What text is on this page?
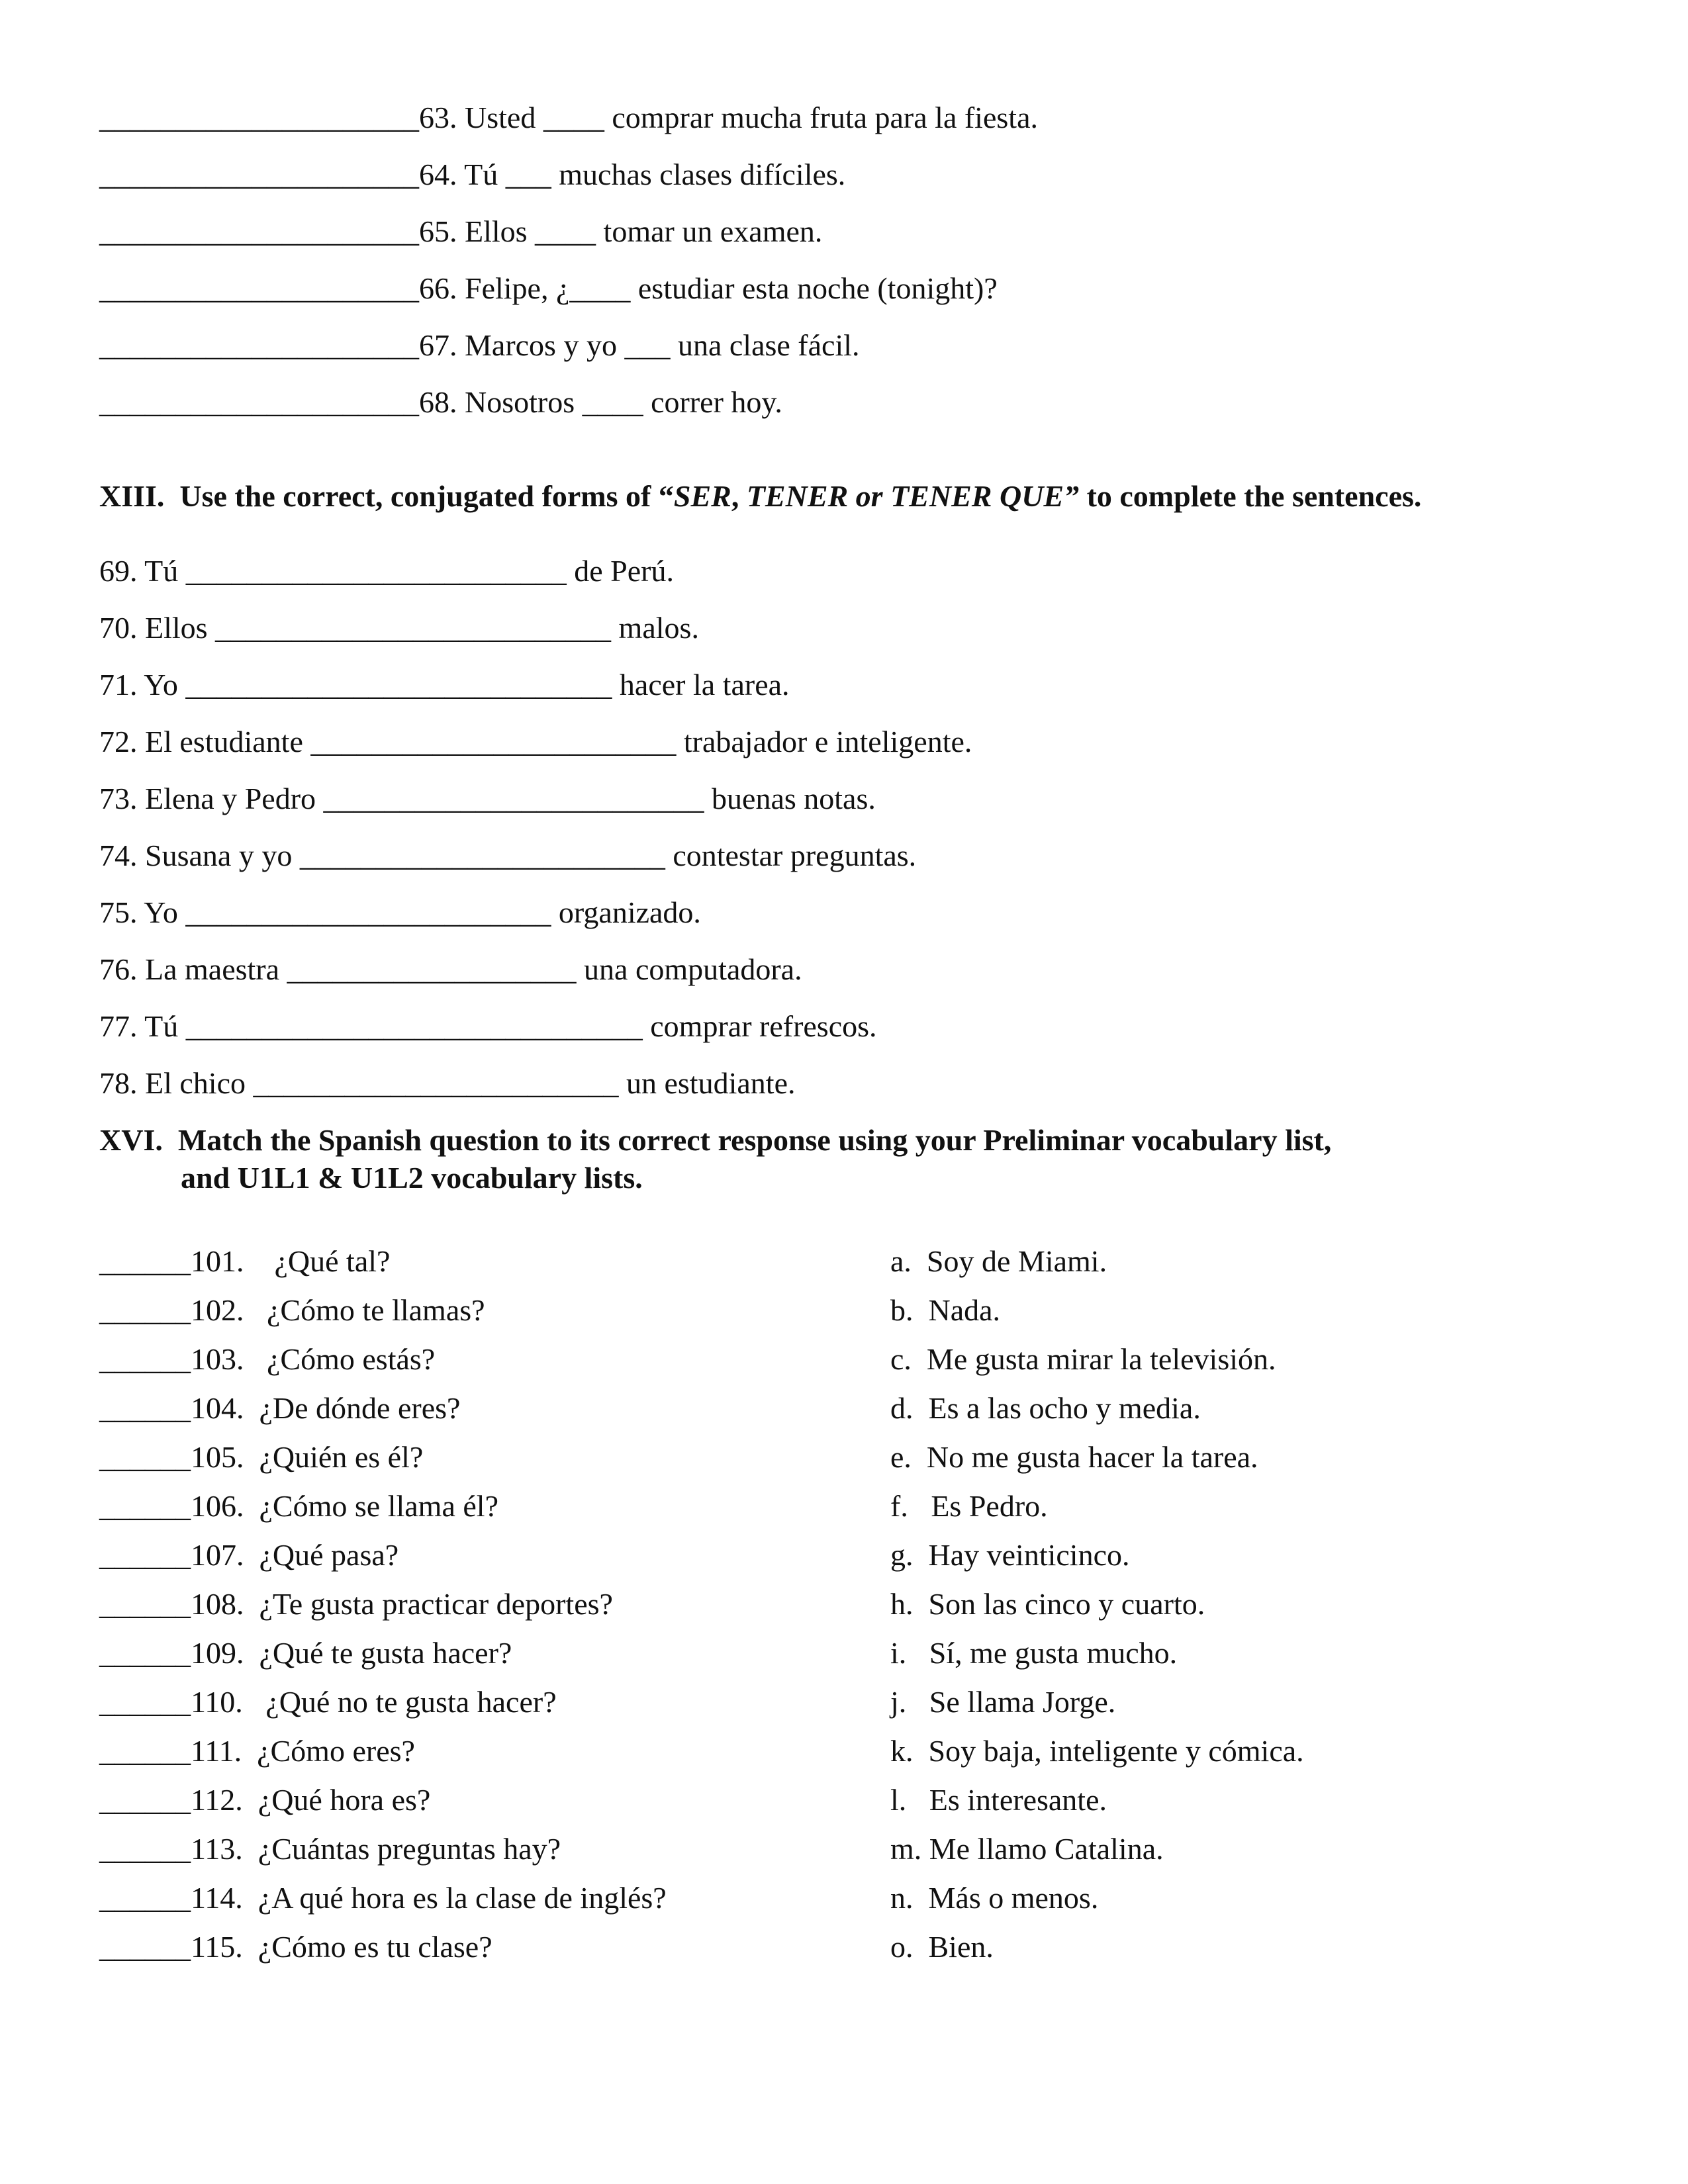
_____________________63. Usted ____ comprar mucha fruta para la fiesta.
_____________________64. Tú ___ muchas clases difíciles.
_____________________65. Ellos ____ tomar un examen.
_____________________66. Felipe, ¿____ estudiar esta noche (tonight)?
_____________________67. Marcos y yo ___ una clase fácil.
_____________________68. Nosotros ____ correr hoy.
XIII.  Use the correct, conjugated forms of “SER, TENER or TENER QUE” to complete the sentences.
69. Tú _________________________ de Perú.
70. Ellos __________________________ malos.
71. Yo ____________________________ hacer la tarea.
72. El estudiante ________________________ trabajador e inteligente.
73. Elena y Pedro _________________________ buenas notas.
74. Susana y yo ________________________ contestar preguntas.
75. Yo ________________________ organizado.
76. La maestra ___________________ una computadora.
77. Tú ______________________________ comprar refrescos.
78. El chico ________________________ un estudiante.
XVI.  Match the Spanish question to its correct response using your Preliminar vocabulary list,
and U1L1 & U1L2 vocabulary lists.
______101.    ¿Qué tal?
______102.   ¿Cómo te llamas?
______103.   ¿Cómo estás?
______104.  ¿De dónde eres?
______105.  ¿Quién es él?
______106.  ¿Cómo se llama él?
______107.  ¿Qué pasa?
______108.  ¿Te gusta practicar deportes?
______109.  ¿Qué te gusta hacer?
______110.   ¿Qué no te gusta hacer?
______111.  ¿Cómo eres?
______112.  ¿Qué hora es?
______113.  ¿Cuántas preguntas hay?
______114.  ¿A qué hora es la clase de inglés?
______115.  ¿Cómo es tu clase?
a.  Soy de Miami.
b.  Nada.
c.  Me gusta mirar la televisión.
d.  Es a las ocho y media.
e.  No me gusta hacer la tarea.
f.   Es Pedro.
g.  Hay veinticinco.
h.  Son las cinco y cuarto.
i.   Sí, me gusta mucho.
j.   Se llama Jorge.
k.  Soy baja, inteligente y cómica.
l.   Es interesante.
m. Me llamo Catalina.
n.  Más o menos.
o.  Bien.
